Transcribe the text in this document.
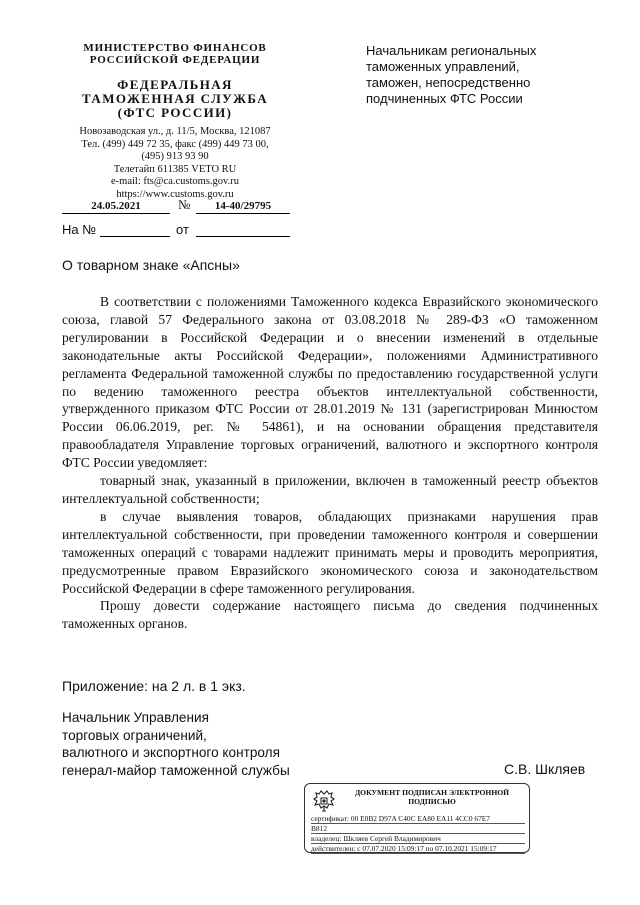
МИНИСТЕРСТВО ФИНАНСОВ
РОССИЙСКОЙ ФЕДЕРАЦИИ
ФЕДЕРАЛЬНАЯ
ТАМОЖЕННАЯ СЛУЖБА
(ФТС РОССИИ)
Новозаводская ул., д. 11/5, Москва, 121087
Тел. (499) 449 72 35, факс (499) 449 73 00,
(495) 913 93 90
Телетайп 611385 VETO RU
e-mail: fts@ca.customs.gov.ru
https://www.customs.gov.ru
Начальникам региональных
таможенных управлений,
таможен, непосредственно
подчиненных ФТС России
24.05.2021	№	14-40/29795
На №	от
О товарном знаке «Апсны»

В соответствии с положениями Таможенного кодекса Евразийского экономического союза, главой 57 Федерального закона от 03.08.2018 № 289-ФЗ «О таможенном регулировании в Российской Федерации и о внесении изменений в отдельные законодательные акты Российской Федерации», положениями Административного регламента Федеральной таможенной службы по предоставлению государственной услуги по ведению таможенного реестра объектов интеллектуальной собственности, утвержденного приказом ФТС России от 28.01.2019 № 131 (зарегистрирован Минюстом России 06.06.2019, рег. № 54861), и на основании обращения представителя правообладателя Управление торговых ограничений, валютного и экспортного контроля ФТС России уведомляет:

товарный знак, указанный в приложении, включен в таможенный реестр объектов интеллектуальной собственности;

в случае выявления товаров, обладающих признаками нарушения прав интеллектуальной собственности, при проведении таможенного контроля и совершении таможенных операций с товарами надлежит принимать меры и проводить мероприятия, предусмотренные правом Евразийского экономического союза и законодательством Российской Федерации в сфере таможенного регулирования.

Прошу довести содержание настоящего письма до сведения подчиненных таможенных органов.

Приложение: на 2 л. в 1 экз.
Начальник Управления
торговых ограничений,
валютного и экспортного контроля
генерал-майор таможенной службы	С.В. Шкляев
ДОКУМЕНТ ПОДПИСАН ЭЛЕКТРОННОЙ ПОДПИСЬЮ
сертификат: 00 E0B2 D97A C40C EA80 EA11 4CC0 67E7
B812
владелец: Шкляев Сергей Владимирович
действителен: с 07.07.2020 15:09:17 по 07.10.2021 15:09:17
